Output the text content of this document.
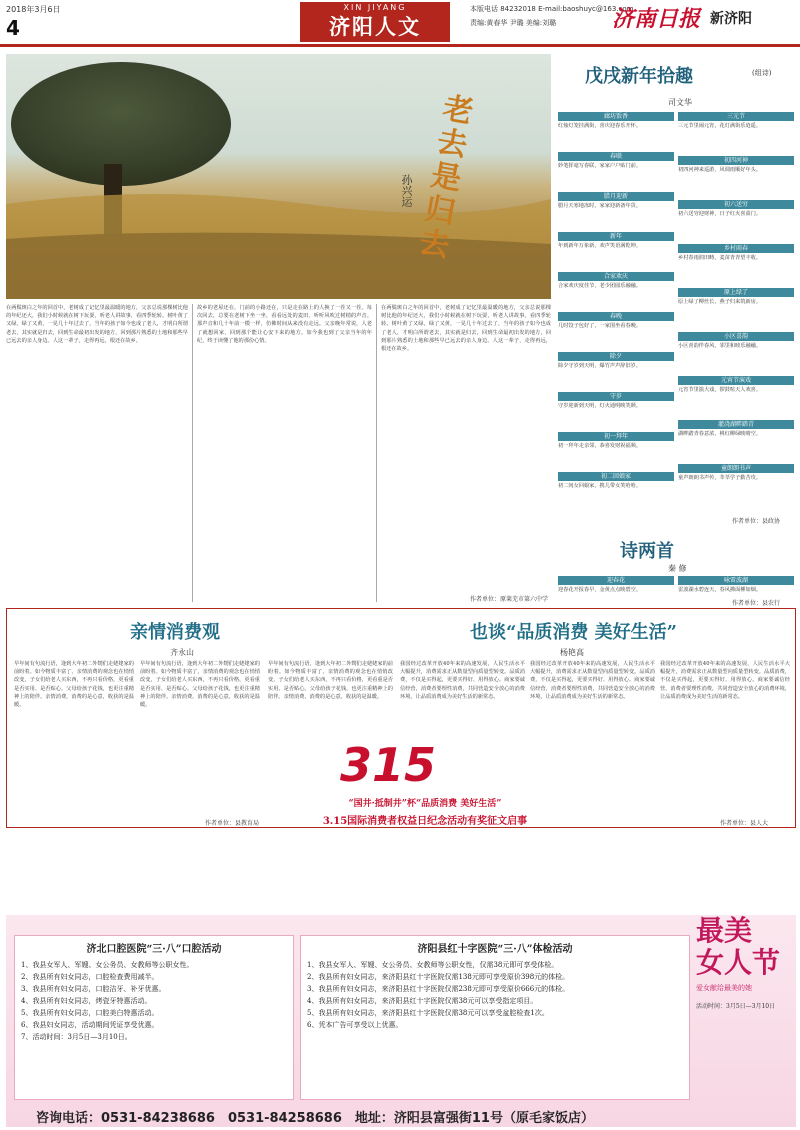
2018年3月6日
4
XIN JIYANG
济阳人文
本版电话 84232018 E-mail:baoshuyc@163.com
责编:黄春华 尹璐 美编:刘璐	济南日报 新济阳
老去是归去
孙兴运
在两鬓斑白之年的回首中，老树成了记忆里最温暖的地方，父亲总说那棵树比他的年纪还大，我们小时候就在树下玩耍，听老人讲故事，看四季轮转。树叶黄了又绿，绿了又黄，一晃几十年过去了，当年的孩子如今也成了老人，才明白所谓老去，其实就是归去，回到生命最初出发的地方，回到那片熟悉的土地和那些早已远去的亲人身边。人这一辈子，走得再远，根还在故乡。
故乡的老屋还在，门前的小路还在，只是走在路上的人换了一茬又一茬。每次回去，总要在老树下坐一坐，看看远处的麦田，听听风吹过树梢的声音。那声音和几十年前一模一样，仿佛时间从来没有走远。父亲晚年常说，人老了就想回家，回到那个能让心安下来的地方。如今我也到了父亲当年的年纪，终于读懂了他的那份心情。
在两鬓斑白之年的回首中，老树成了记忆里最温暖的地方，父亲总说那棵树比他的年纪还大，我们小时候就在树下玩耍，听老人讲故事，看四季轮转。树叶黄了又绿，绿了又黄，一晃几十年过去了，当年的孩子如今也成了老人，才明白所谓老去，其实就是归去，回到生命最初出发的地方，回到那片熟悉的土地和那些早已远去的亲人身边。人这一辈子，走得再远，根还在故乡。
作者单位：原莱芜市第六中学
戊戌新年拾趣	(组诗)
司文华
廊坊饭香
红烛灯笼挂满街，喜庆迎春乐开怀。
春联
妙笔挥毫写春联，家家户户贴门前。
腊月迎新
腊月天寒地冻时，家家迎新备年货。
新年
年到新年万象新，欢声笑语满乾坤。
合家欢庆
合家欢庆度佳节，老少团圆乐融融。
春晚
几时饺子包好了，一家围坐看春晚。
除夕
除夕守岁到天明，爆竹声声辞旧岁。
守岁
守岁迎新到天明，灯火通明映笑颜。
初一拜年
初一拜年走亲邻，恭喜发财祝福频。
初二回娘家
初二闺女回娘家，携儿带女笑哈哈。
三元节
三元节里闹元宵，花灯满街乐逍遥。
初四河神
初四河神来巡游，风调雨顺好年头。
初六送穷
初六送穷迎财神，日子红火喜盈门。
乡村雨春
乡村春雨润田畴，麦苗青青望丰收。
原上绿了
原上绿了柳丝长，燕子归来筑新房。
小区喜韵
小区喜韵伴春风，邻里和睦乐融融。
元宵节演戏
元宵节里演大戏，锣鼓喧天人欢喜。
灌浇湖畔踏青
湖畔踏青春意浓，桃红柳绿映晴空。
童朗朗书声
童声朗朗书声传，莘莘学子勤苦攻。
作者单位：县政协
诗两首
秦 修
迎春花
迎春花开报春早，金黄点点映碧空。
咏雷波湖
雷波湖水碧连天，春风拂面柳如烟。
作者单位：县农行
亲情消费观
齐永山
早年间有句流行语，逢到大年初二外甥们走姥姥家的前盼着。如今物质丰富了，亲情消费的观念也在悄悄改变，子女们给老人买东西，不再只看价格，更看重是否实用、是否贴心。父母给孩子花钱，也更注重精神上的陪伴。亲情消费，消费的是心意，收获的是温暖。
早年间有句流行语，逢到大年初二外甥们走姥姥家的前盼着。如今物质丰富了，亲情消费的观念也在悄悄改变，子女们给老人买东西，不再只看价格，更看重是否实用、是否贴心。父母给孩子花钱，也更注重精神上的陪伴。亲情消费，消费的是心意，收获的是温暖。
作者单位：县教育局
也谈“品质消费 美好生活”
杨艳高
我国经过改革开放40年来的高速发展，人民生活水平大幅提升，消费需求正从数量型向质量型转变。品质消费，不仅是买得起，更要买得好、用得放心。商家要诚信经营，消费者要理性消费，共同营造安全放心的消费环境，让品质消费成为美好生活的新常态。
我国经过改革开放40年来的高速发展，人民生活水平大幅提升，消费需求正从数量型向质量型转变。品质消费，不仅是买得起，更要买得好、用得放心。商家要诚信经营，消费者要理性消费，共同营造安全放心的消费环境，让品质消费成为美好生活的新常态。
我国经过改革开放40年来的高速发展，人民生活水平大幅提升，消费需求正从数量型向质量型转变。品质消费，不仅是买得起，更要买得好、用得放心。商家要诚信经营，消费者要理性消费，共同营造安全放心的消费环境，让品质消费成为美好生活的新常态。
作者单位：县人大
早年间有句流行语，逢到大年初二外甥们走姥姥家的前盼着。如今物质丰富了，亲情消费的观念也在悄悄改变，子女们给老人买东西，不再只看价格，更看重是否实用、是否贴心。父母给孩子花钱，也更注重精神上的陪伴。亲情消费，消费的是心意，收获的是温暖。
315
“国井·抵制井”杯“品质消费 美好生活”
3.15国际消费者权益日纪念活动有奖征文启事
济北口腔医院“三·八”口腔活动
1、我县女军人、军嫂、女公务员、女教师等公职女性。
2、我县所有妇女同志，口腔检查费用减半。
3、我县所有妇女同志，口腔洁牙、补牙优惠。
4、我县所有妇女同志，烤瓷牙特惠活动。
5、我县所有妇女同志，口腔美白特惠活动。
6、我县妇女同志，活动期间凭证享受优惠。
7、活动时间：3月5日—3月10日。
济阳县红十字医院“三·八”体检活动
1、我县女军人、军嫂、女公务员、女教师等公职女性，仅需38元即可享受体检。
2、我县所有妇女同志，来济阳县红十字医院仅需138元即可享受原价398元的体检。
3、我县所有妇女同志，来济阳县红十字医院仅需238元即可享受原价666元的体检。
4、我县所有妇女同志，来济阳县红十字医院仅需38元可以享受指定项目。
5、我县所有妇女同志，来济阳县红十字医院仅需38元可以享受盆腔检查1次。
6、凭本广告可享受以上优惠。
最美
女人节
爱女献给最美的她
活动时间：3月5日—3月10日
咨询电话：0531-84238686　0531-84258686　地址：济阳县富强街11号（原毛家饭店）
